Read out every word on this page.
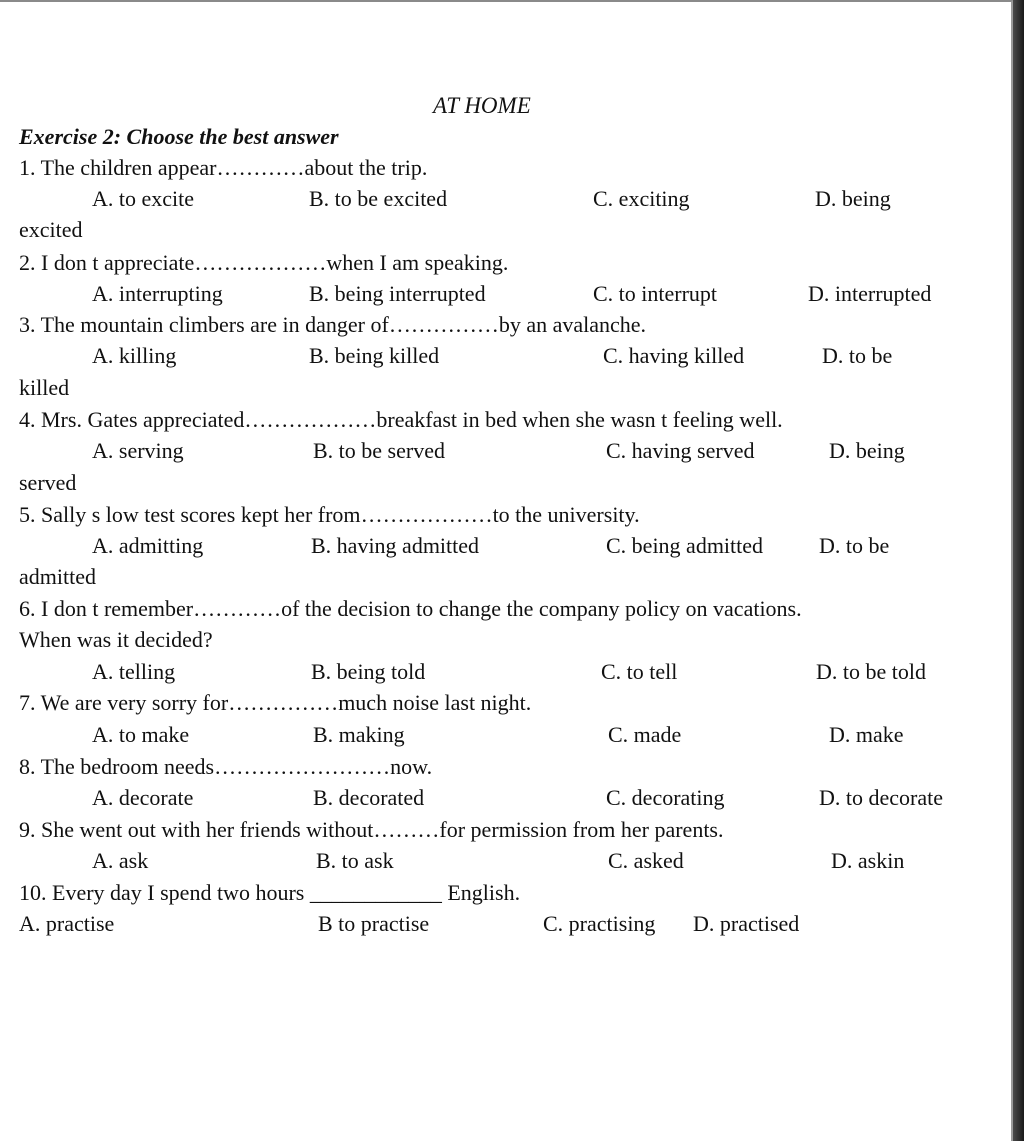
AT HOME
Exercise 2: Choose the best answer
1. The children appear…………about the trip.
A. to excite	B. to be excited	C. exciting	D. being
excited
2. I don t appreciate………………when I am speaking.
A. interrupting	B. being interrupted	C. to interrupt	D. interrupted
3. The mountain climbers are in danger of……………by an avalanche.
A. killing	B. being killed	C. having killed	D. to be
killed
4. Mrs. Gates appreciated………………breakfast in bed when she wasn t feeling well.
A. serving	B. to be served	C. having served	D. being
served
5. Sally s low test scores kept her from………………to the university.
A. admitting	B. having admitted	C. being admitted	D. to be
admitted
6. I don t remember…………of the decision to change the company policy on vacations.
When was it decided?
A. telling	B. being told	C. to tell	D. to be told
7. We are very sorry for……………much noise last night.
A. to make	B. making	C. made	D. make
8. The bedroom needs……………………now.
A. decorate	B. decorated	C. decorating	D. to decorate
9. She went out with her friends without………for permission from her parents.
A. ask	B. to ask	C. asked	D. askin
10. Every day I spend two hours ____________ English.
A. practise	B to practise	C. practising D. practised
